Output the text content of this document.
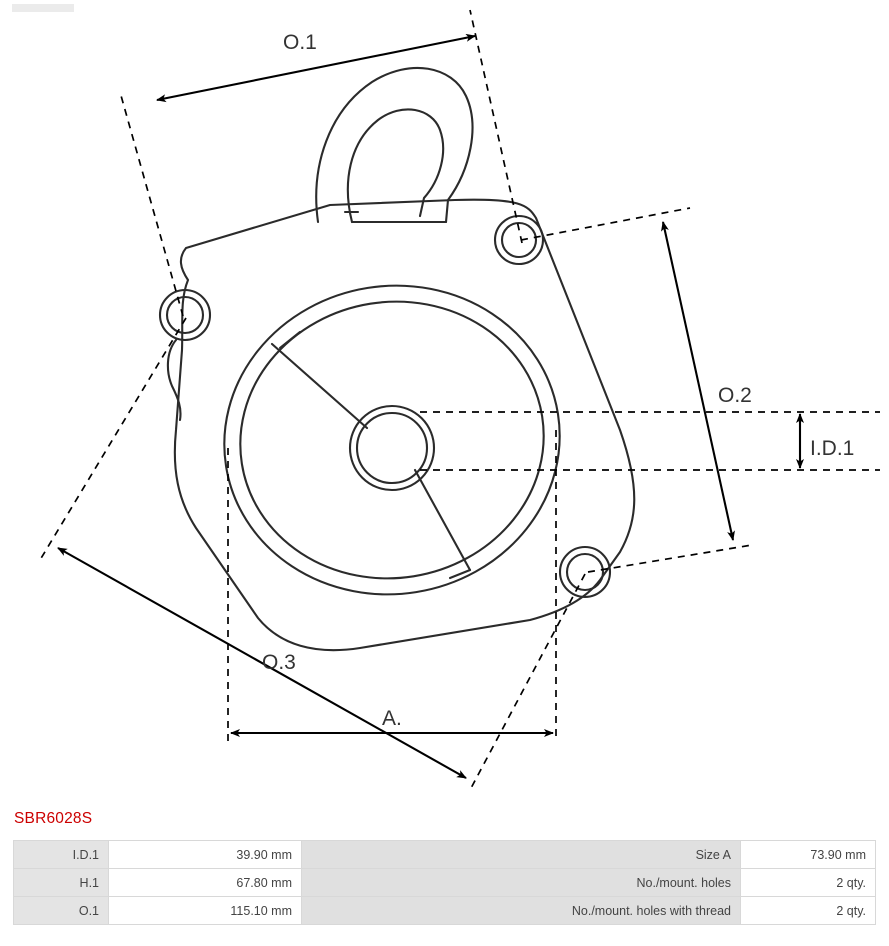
O.1
O.2
O.3
I.D.1
A.
SBR6028S
I.D.1	39.90 mm	Size A	73.90 mm
H.1	67.80 mm	No./mount. holes	2 qty.
O.1	115.10 mm	No./mount. holes with thread	2 qty.
